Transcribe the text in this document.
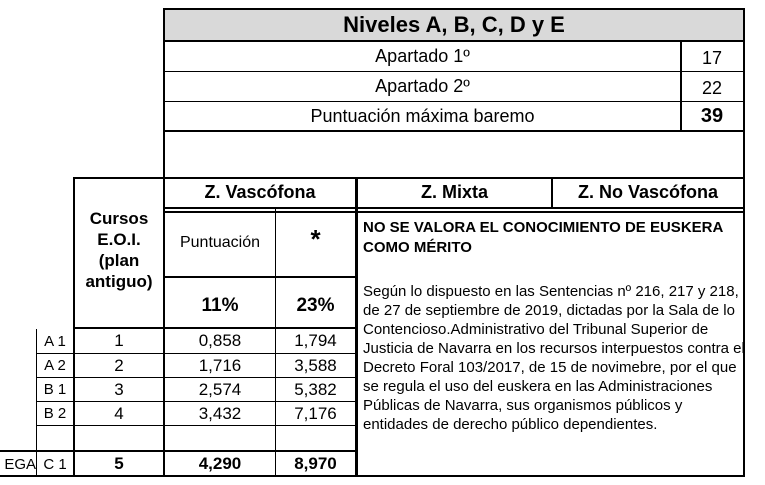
Niveles A, B, C, D y E
Apartado 1º	17
Apartado 2º	22
Puntuación máxima baremo	39
Cursos E.O.I. (plan antiguo)
Z. Vascófona	Z. Mixta	Z. No Vascófona
Puntuación	*
11%	23%
A 1	1	0,858	1,794
A 2	2	1,716	3,588
B 1	3	2,574	5,382
B 2	4	3,432	7,176
EGA C 1	5	4,290	8,970
NO SE VALORA EL CONOCIMIENTO DE EUSKERA COMO MÉRITO
Según lo dispuesto en las Sentencias nº 216, 217 y 218, de 27 de septiembre de 2019, dictadas por la Sala de lo Contencioso.Administrativo del Tribunal Superior de Justicia de Navarra en los recursos interpuestos contra el Decreto Foral 103/2017, de 15 de novimebre, por el que se regula el uso del euskera en las Administraciones Públicas de Navarra, sus organismos públicos y entidades de derecho público dependientes.
